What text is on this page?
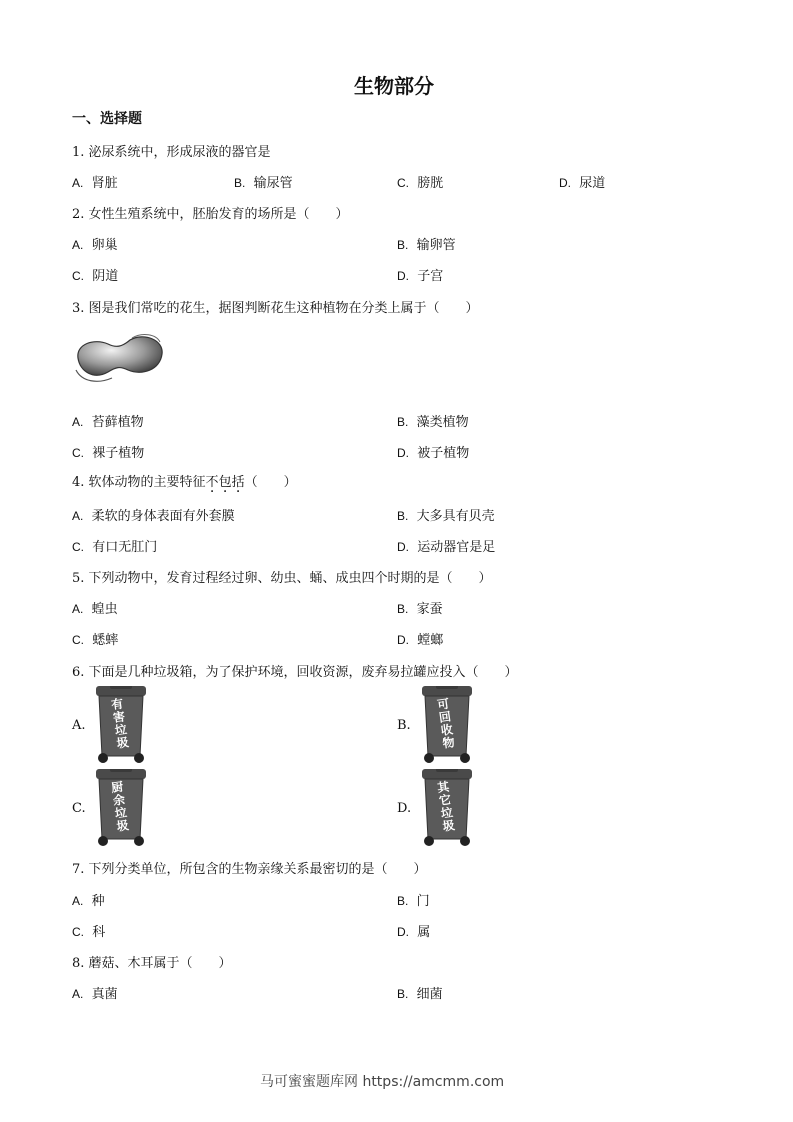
生物部分
一、选择题
1. 泌尿系统中，形成尿液的器官是
A. 肾脏	B. 输尿管	C. 膀胱	D. 尿道
2. 女性生殖系统中，胚胎发育的场所是（　　）
A. 卵巢	B. 输卵管
C. 阴道	D. 子宫
3. 图是我们常吃的花生，据图判断花生这种植物在分类上属于（　　）
A. 苔藓植物	B. 藻类植物
C. 裸子植物	D. 被子植物
4. 软体动物的主要特征不包括（　　）
A. 柔软的身体表面有外套膜	B. 大多具有贝壳
C. 有口无肛门	D. 运动器官是足
5. 下列动物中，发育过程经过卵、幼虫、蛹、成虫四个时期的是（　　）
A. 蝗虫	B. 家蚕
C. 蟋蟀	D. 螳螂
6. 下面是几种垃圾箱，为了保护环境，回收资源，废弃易拉罐应投入（　　）
A.	B.
C.	D.
有害垃圾
可回收物
厨余垃圾
其它垃圾
7. 下列分类单位，所包含的生物亲缘关系最密切的是（　　）
A. 种	B. 门
C. 科	D. 属
8. 蘑菇、木耳属于（　　）
A. 真菌	B. 细菌
马可蜜蜜题库网 https://amcmm.com
